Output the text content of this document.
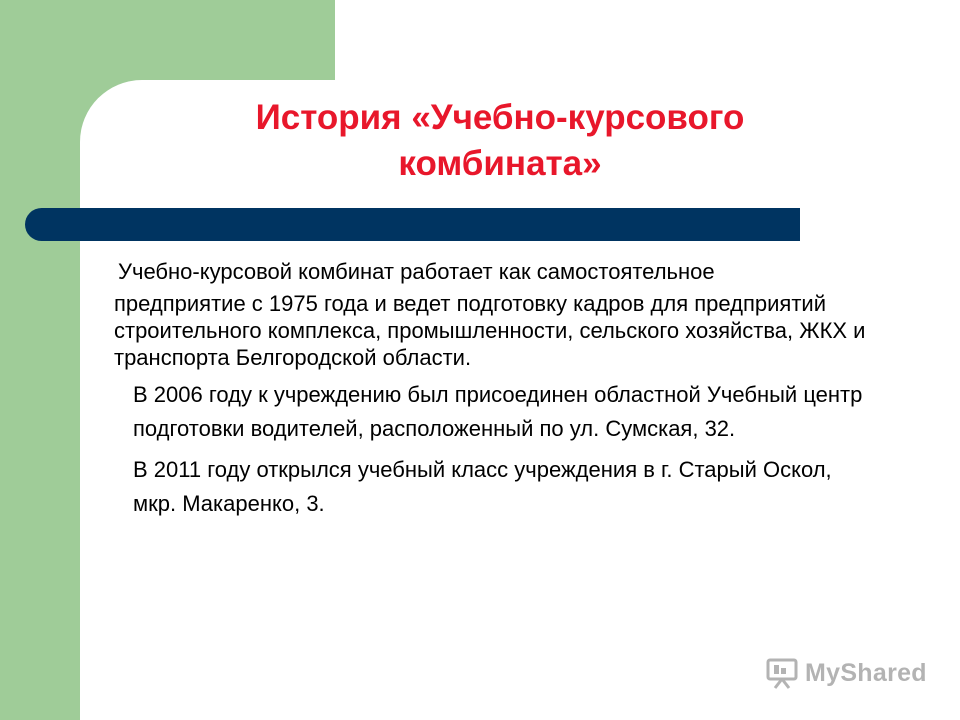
История «Учебно-курсового комбината»

Учебно-курсовой комбинат работает как самостоятельное
предприятие с 1975 года и ведет подготовку кадров для предприятий строительного комплекса, промышленности, сельского хозяйства, ЖКХ и транспорта Белгородской области.

В 2006 году к учреждению был присоединен областной Учебный центр подготовки водителей, расположенный по ул. Сумская, 32.

В 2011 году открылся учебный класс учреждения в г. Старый Оскол, мкр. Макаренко, 3.

MyShared
